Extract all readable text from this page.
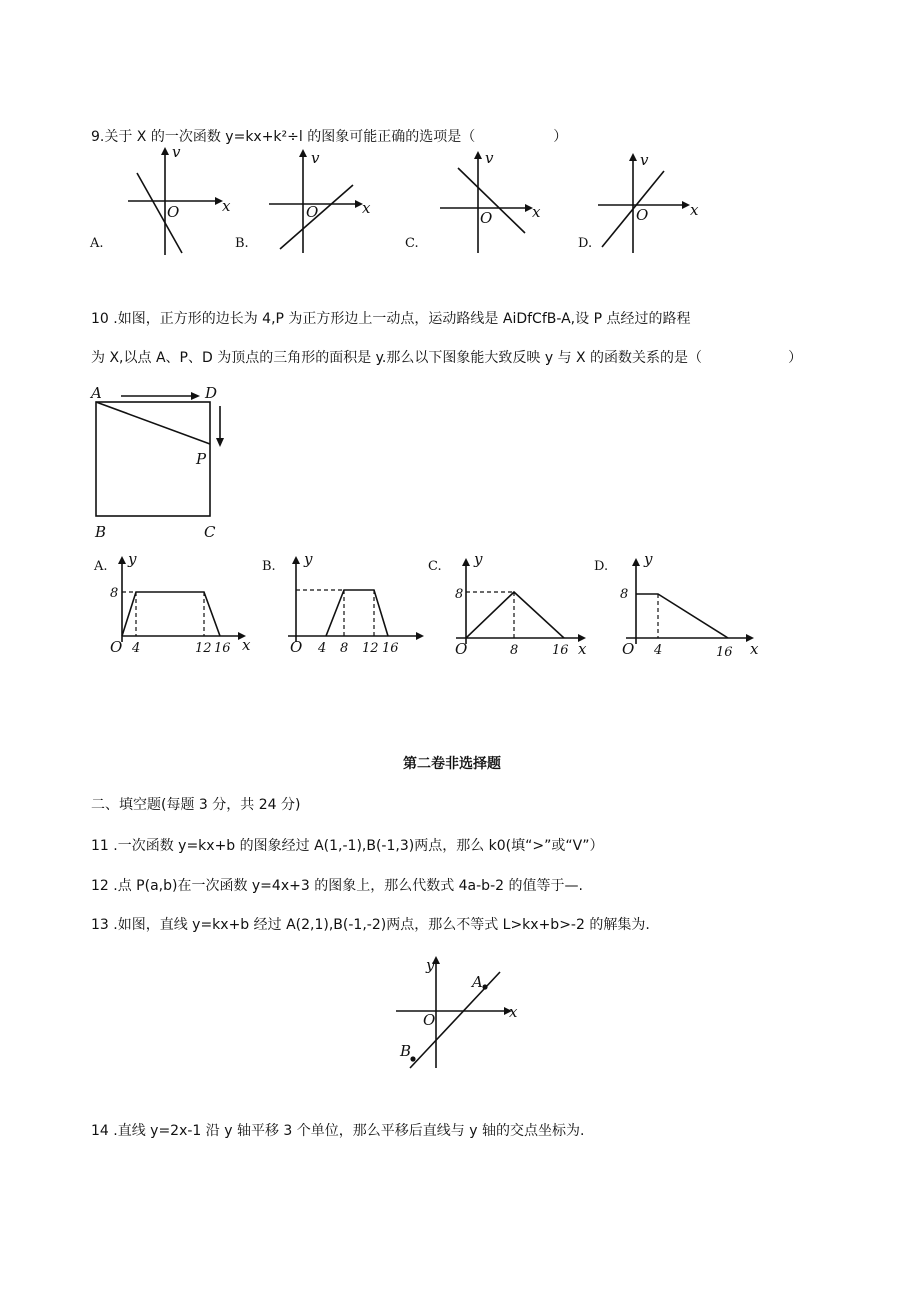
9.关于 X 的一次函数 y=kx+k²÷l 的图象可能正确的选项是（	）
v
x
O
A.
v
x
O
B.
v
x
O
C.
v
x
O
D.
10 .如图，正方形的边长为 4,P 为正方形边上一动点，运动路线是 AiDfCfB-A,设 P 点经过的路程
为 X,以点 A、P、D 为顶点的三角形的面积是 y.那么以下图象能大致反映 y 与 X 的函数关系的是（	）
A	D
P
B	C
A. y
8
O 4	12 16 x
B. y
O 4 8 12 16
C. y
8
O	8	16 x
D. y
8
O 4	16 x
第二卷非选择题
二、填空题(每题 3 分，共 24 分)
11 .一次函数 y=kx+b 的图象经过 A(1,-1),B(-1,3)两点，那么 k0(填“>”或“V”）
12 .点 P(a,b)在一次函数 y=4x+3 的图象上，那么代数式 4a-b-2 的值等于—.
13 .如图，直线 y=kx+b 经过 A(2,1),B(-1,-2)两点，那么不等式 L>kx+b>-2 的解集为.
y
x
O
A
B
14 .直线 y=2x-1 沿 y 轴平移 3 个单位，那么平移后直线与 y 轴的交点坐标为.
